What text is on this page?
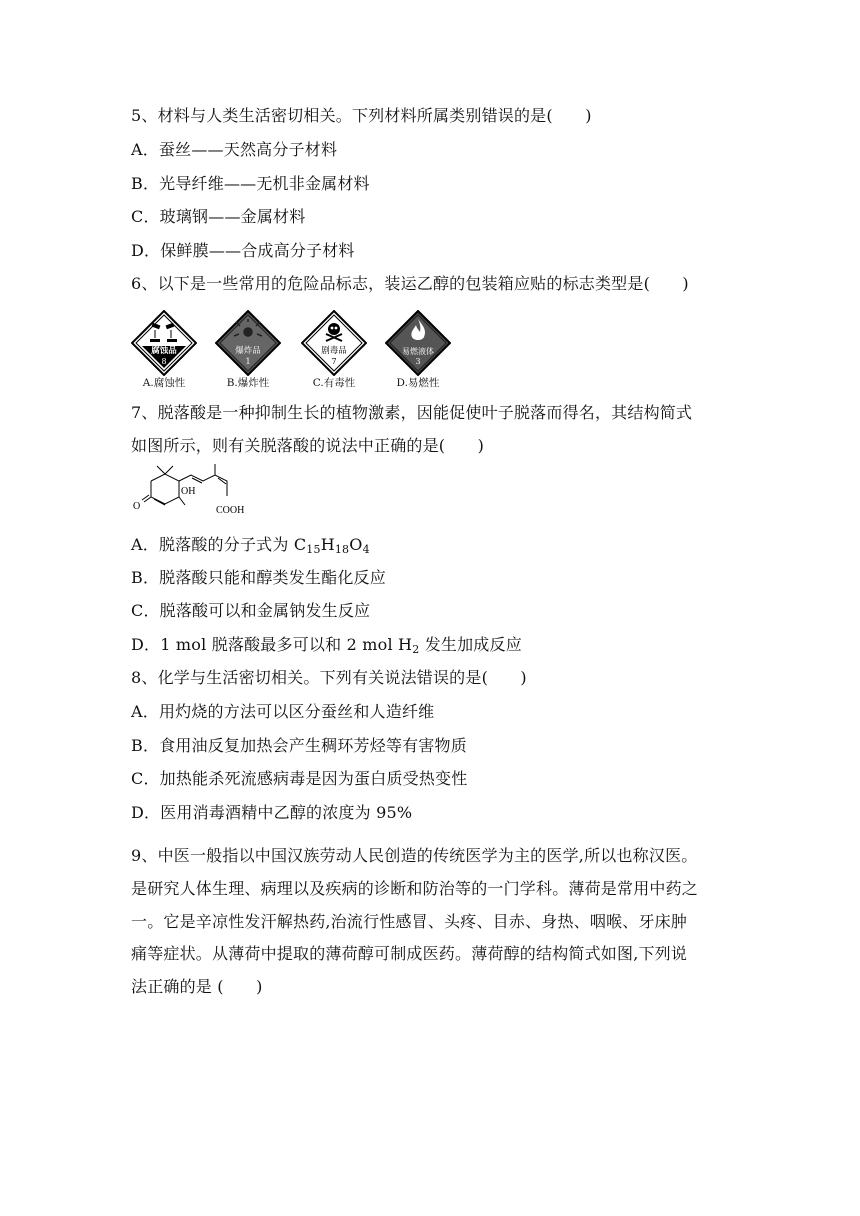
5、材料与人类生活密切相关。下列材料所属类别错误的是(　　)
A．蚕丝——天然高分子材料
B．光导纤维——无机非金属材料
C．玻璃钢——金属材料
D．保鲜膜——合成高分子材料
6、以下是一些常用的危险品标志，装运乙醇的包装箱应贴的标志类型是(　　)
腐蚀品
8
A.腐蚀性
爆炸品
1
B.爆炸性
剧毒品
7
C.有毒性
易燃液体
3
D.易燃性
7、脱落酸是一种抑制生长的植物激素，因能促使叶子脱落而得名，其结构简式
如图所示，则有关脱落酸的说法中正确的是(　　)
OH
COOH
O
A．脱落酸的分子式为 C15H18O4
B．脱落酸只能和醇类发生酯化反应
C．脱落酸可以和金属钠发生反应
D．1 mol 脱落酸最多可以和 2 mol H2 发生加成反应
8、化学与生活密切相关。下列有关说法错误的是(　　)
A．用灼烧的方法可以区分蚕丝和人造纤维
B．食用油反复加热会产生稠环芳烃等有害物质
C．加热能杀死流感病毒是因为蛋白质受热变性
D．医用消毒酒精中乙醇的浓度为 95%
9、中医一般指以中国汉族劳动人民创造的传统医学为主的医学,所以也称汉医。
是研究人体生理、病理以及疾病的诊断和防治等的一门学科。薄荷是常用中药之
一。它是辛凉性发汗解热药,治流行性感冒、头疼、目赤、身热、咽喉、牙床肿
痛等症状。从薄荷中提取的薄荷醇可制成医药。薄荷醇的结构简式如图,下列说
法正确的是 (　　)
